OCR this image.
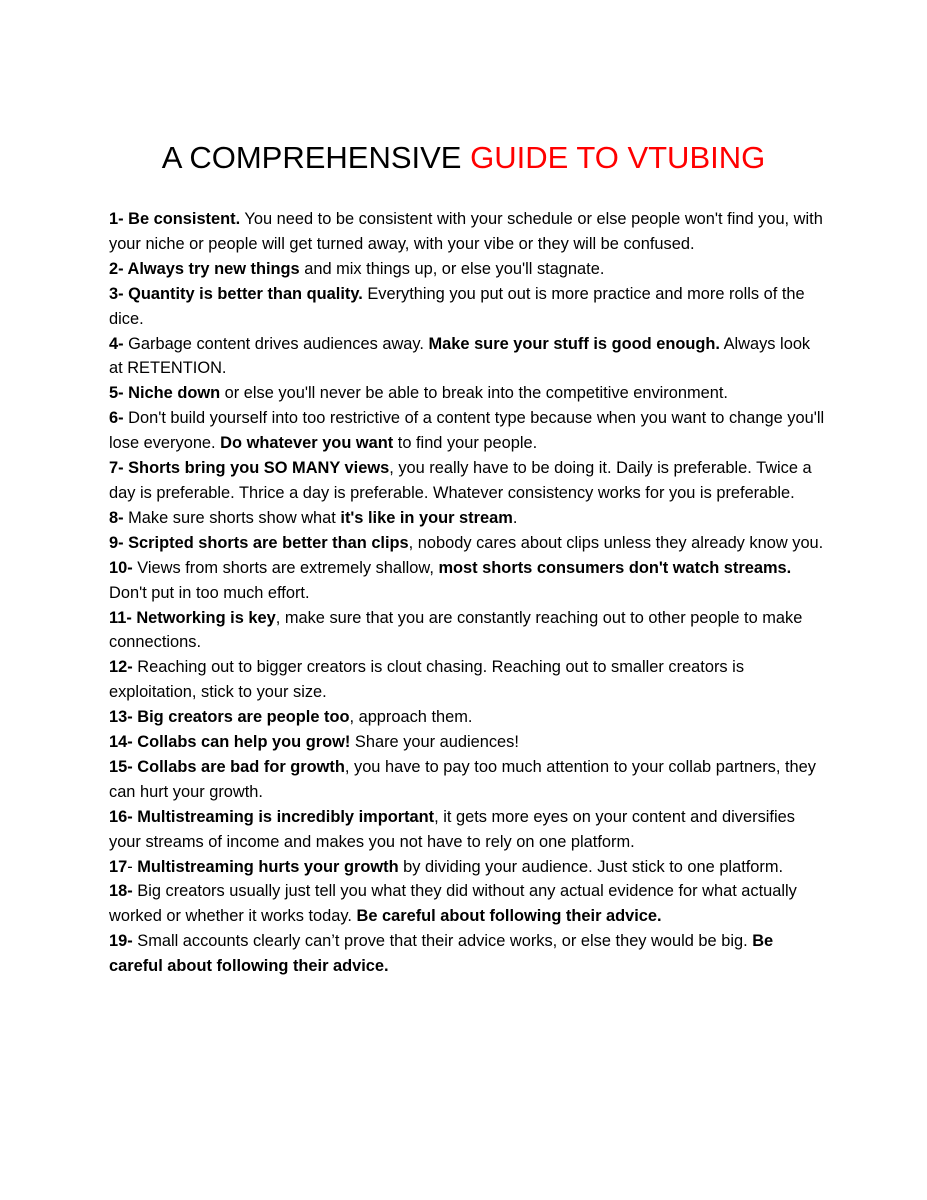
A COMPREHENSIVE GUIDE TO VTUBING

1- Be consistent. You need to be consistent with your schedule or else people won't find you, with your niche or people will get turned away, with your vibe or they will be confused.

2- Always try new things and mix things up, or else you'll stagnate.

3- Quantity is better than quality. Everything you put out is more practice and more rolls of the dice.

4- Garbage content drives audiences away. Make sure your stuff is good enough. Always look at RETENTION.

5- Niche down or else you'll never be able to break into the competitive environment.

6- Don't build yourself into too restrictive of a content type because when you want to change you'll lose everyone. Do whatever you want to find your people.

7- Shorts bring you SO MANY views, you really have to be doing it. Daily is preferable. Twice a day is preferable. Thrice a day is preferable. Whatever consistency works for you is preferable.

8- Make sure shorts show what it's like in your stream.

9- Scripted shorts are better than clips, nobody cares about clips unless they already know you.

10- Views from shorts are extremely shallow, most shorts consumers don't watch streams. Don't put in too much effort.

11- Networking is key, make sure that you are constantly reaching out to other people to make connections.

12- Reaching out to bigger creators is clout chasing. Reaching out to smaller creators is exploitation, stick to your size.

13- Big creators are people too, approach them.

14- Collabs can help you grow! Share your audiences!

15- Collabs are bad for growth, you have to pay too much attention to your collab partners, they can hurt your growth.

16- Multistreaming is incredibly important, it gets more eyes on your content and diversifies your streams of income and makes you not have to rely on one platform.

17- Multistreaming hurts your growth by dividing your audience. Just stick to one platform.

18- Big creators usually just tell you what they did without any actual evidence for what actually worked or whether it works today. Be careful about following their advice.

19- Small accounts clearly can’t prove that their advice works, or else they would be big. Be careful about following their advice.
